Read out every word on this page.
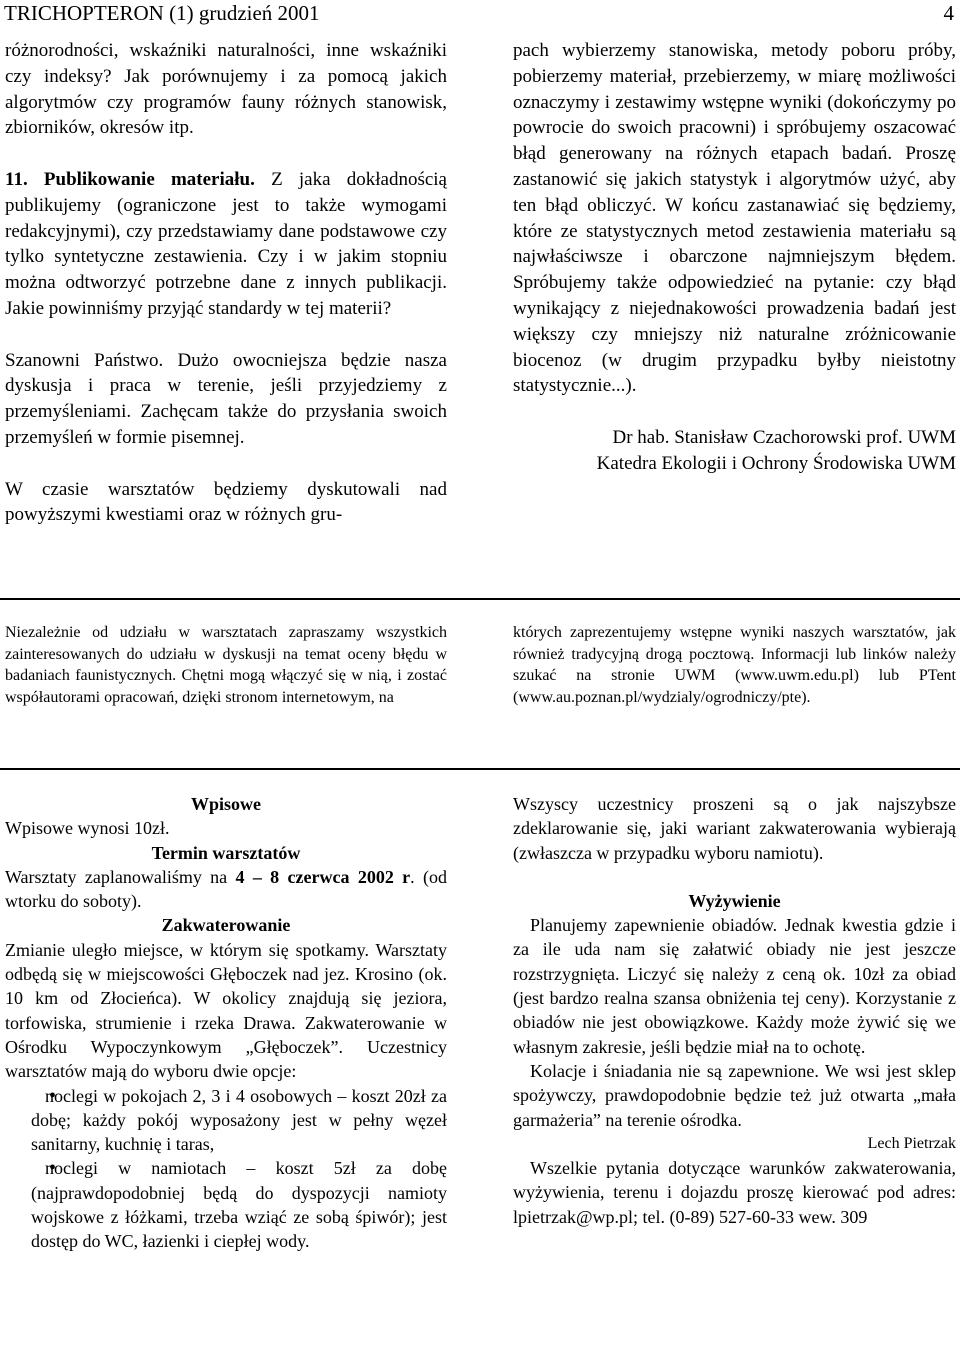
TRICHOPTERON (1) grudzień 2001	4

różnorodności, wskaźniki naturalności, inne wskaźniki czy indeksy? Jak porównujemy i za pomocą jakich algorytmów czy programów fauny różnych stanowisk, zbiorników, okresów itp.

11. Publikowanie materiału. Z jaka dokładnością publikujemy (ograniczone jest to także wymogami redakcyjnymi), czy przedstawiamy dane podstawowe czy tylko syntetyczne zestawienia. Czy i w jakim stopniu można odtworzyć potrzebne dane z innych publikacji. Jakie powinniśmy przyjąć standardy w tej materii?

Szanowni Państwo. Dużo owocniejsza będzie nasza dyskusja i praca w terenie, jeśli przyjedziemy z przemyśleniami. Zachęcam także do przysłania swoich przemyśleń w formie pisemnej.

W czasie warsztatów będziemy dyskutowali nad powyższymi kwestiami oraz w różnych gru-

pach wybierzemy stanowiska, metody poboru próby, pobierzemy materiał, przebierzemy, w miarę możliwości oznaczymy i zestawimy wstępne wyniki (dokończymy po powrocie do swoich pracowni) i spróbujemy oszacować błąd generowany na różnych etapach badań. Proszę zastanowić się jakich statystyk i algorytmów użyć, aby ten błąd obliczyć. W końcu zastanawiać się będziemy, które ze statystycznych metod zestawienia materiału są najwłaściwsze i obarczone najmniejszym błędem. Spróbujemy także odpowiedzieć na pytanie: czy błąd wynikający z niejednakowości prowadzenia badań jest większy czy mniejszy niż naturalne zróżnicowanie biocenoz (w drugim przypadku byłby nieistotny statystycznie...).

Dr hab. Stanisław Czachorowski prof. UWM

Katedra Ekologii i Ochrony Środowiska UWM

Niezależnie od udziału w warsztatach zapraszamy wszystkich zainteresowanych do udziału w dyskusji na temat oceny błędu w badaniach faunistycznych. Chętni mogą włączyć się w nią, i zostać współautorami opracowań, dzięki stronom internetowym, na

których zaprezentujemy wstępne wyniki naszych warsztatów, jak również tradycyjną drogą pocztową. Informacji lub linków należy szukać na stronie UWM (www.uwm.edu.pl) lub PTent (www.au.poznan.pl/wydzialy/ogrodniczy/pte).

Wpisowe

Wpisowe wynosi 10zł.

Termin warsztatów

Warsztaty zaplanowaliśmy na 4 – 8 czerwca 2002 r. (od wtorku do soboty).

Zakwaterowanie

Zmianie uległo miejsce, w którym się spotkamy. Warsztaty odbędą się w miejscowości Głęboczek nad jez. Krosino (ok. 10 km od Złocieńca). W okolicy znajdują się jeziora, torfowiska, strumienie i rzeka Drawa. Zakwaterowanie w Ośrodku Wypoczynkowym „Głęboczek”. Uczestnicy warsztatów mają do wyboru dwie opcje:

• noclegi w pokojach 2, 3 i 4 osobowych – koszt 20zł za dobę; każdy pokój wyposażony jest w pełny węzeł sanitarny, kuchnię i taras,
• noclegi w namiotach – koszt 5zł za dobę (najprawdopodobniej będą do dyspozycji namioty wojskowe z łóżkami, trzeba wziąć ze sobą śpiwór); jest dostęp do WC, łazienki i ciepłej wody.

Wszyscy uczestnicy proszeni są o jak najszybsze zdeklarowanie się, jaki wariant zakwaterowania wybierają (zwłaszcza w przypadku wyboru namiotu).

Wyżywienie

Planujemy zapewnienie obiadów. Jednak kwestia gdzie i za ile uda nam się załatwić obiady nie jest jeszcze rozstrzygnięta. Liczyć się należy z ceną ok. 10zł za obiad (jest bardzo realna szansa obniżenia tej ceny). Korzystanie z obiadów nie jest obowiązkowe. Każdy może żywić się we własnym zakresie, jeśli będzie miał na to ochotę.

Kolacje i śniadania nie są zapewnione. We wsi jest sklep spożywczy, prawdopodobnie będzie też już otwarta „mała garmażeria” na terenie ośrodka.

Lech Pietrzak

Wszelkie pytania dotyczące warunków zakwaterowania, wyżywienia, terenu i dojazdu proszę kierować pod adres: lpietrzak@wp.pl; tel. (0-89) 527-60-33 wew. 309
